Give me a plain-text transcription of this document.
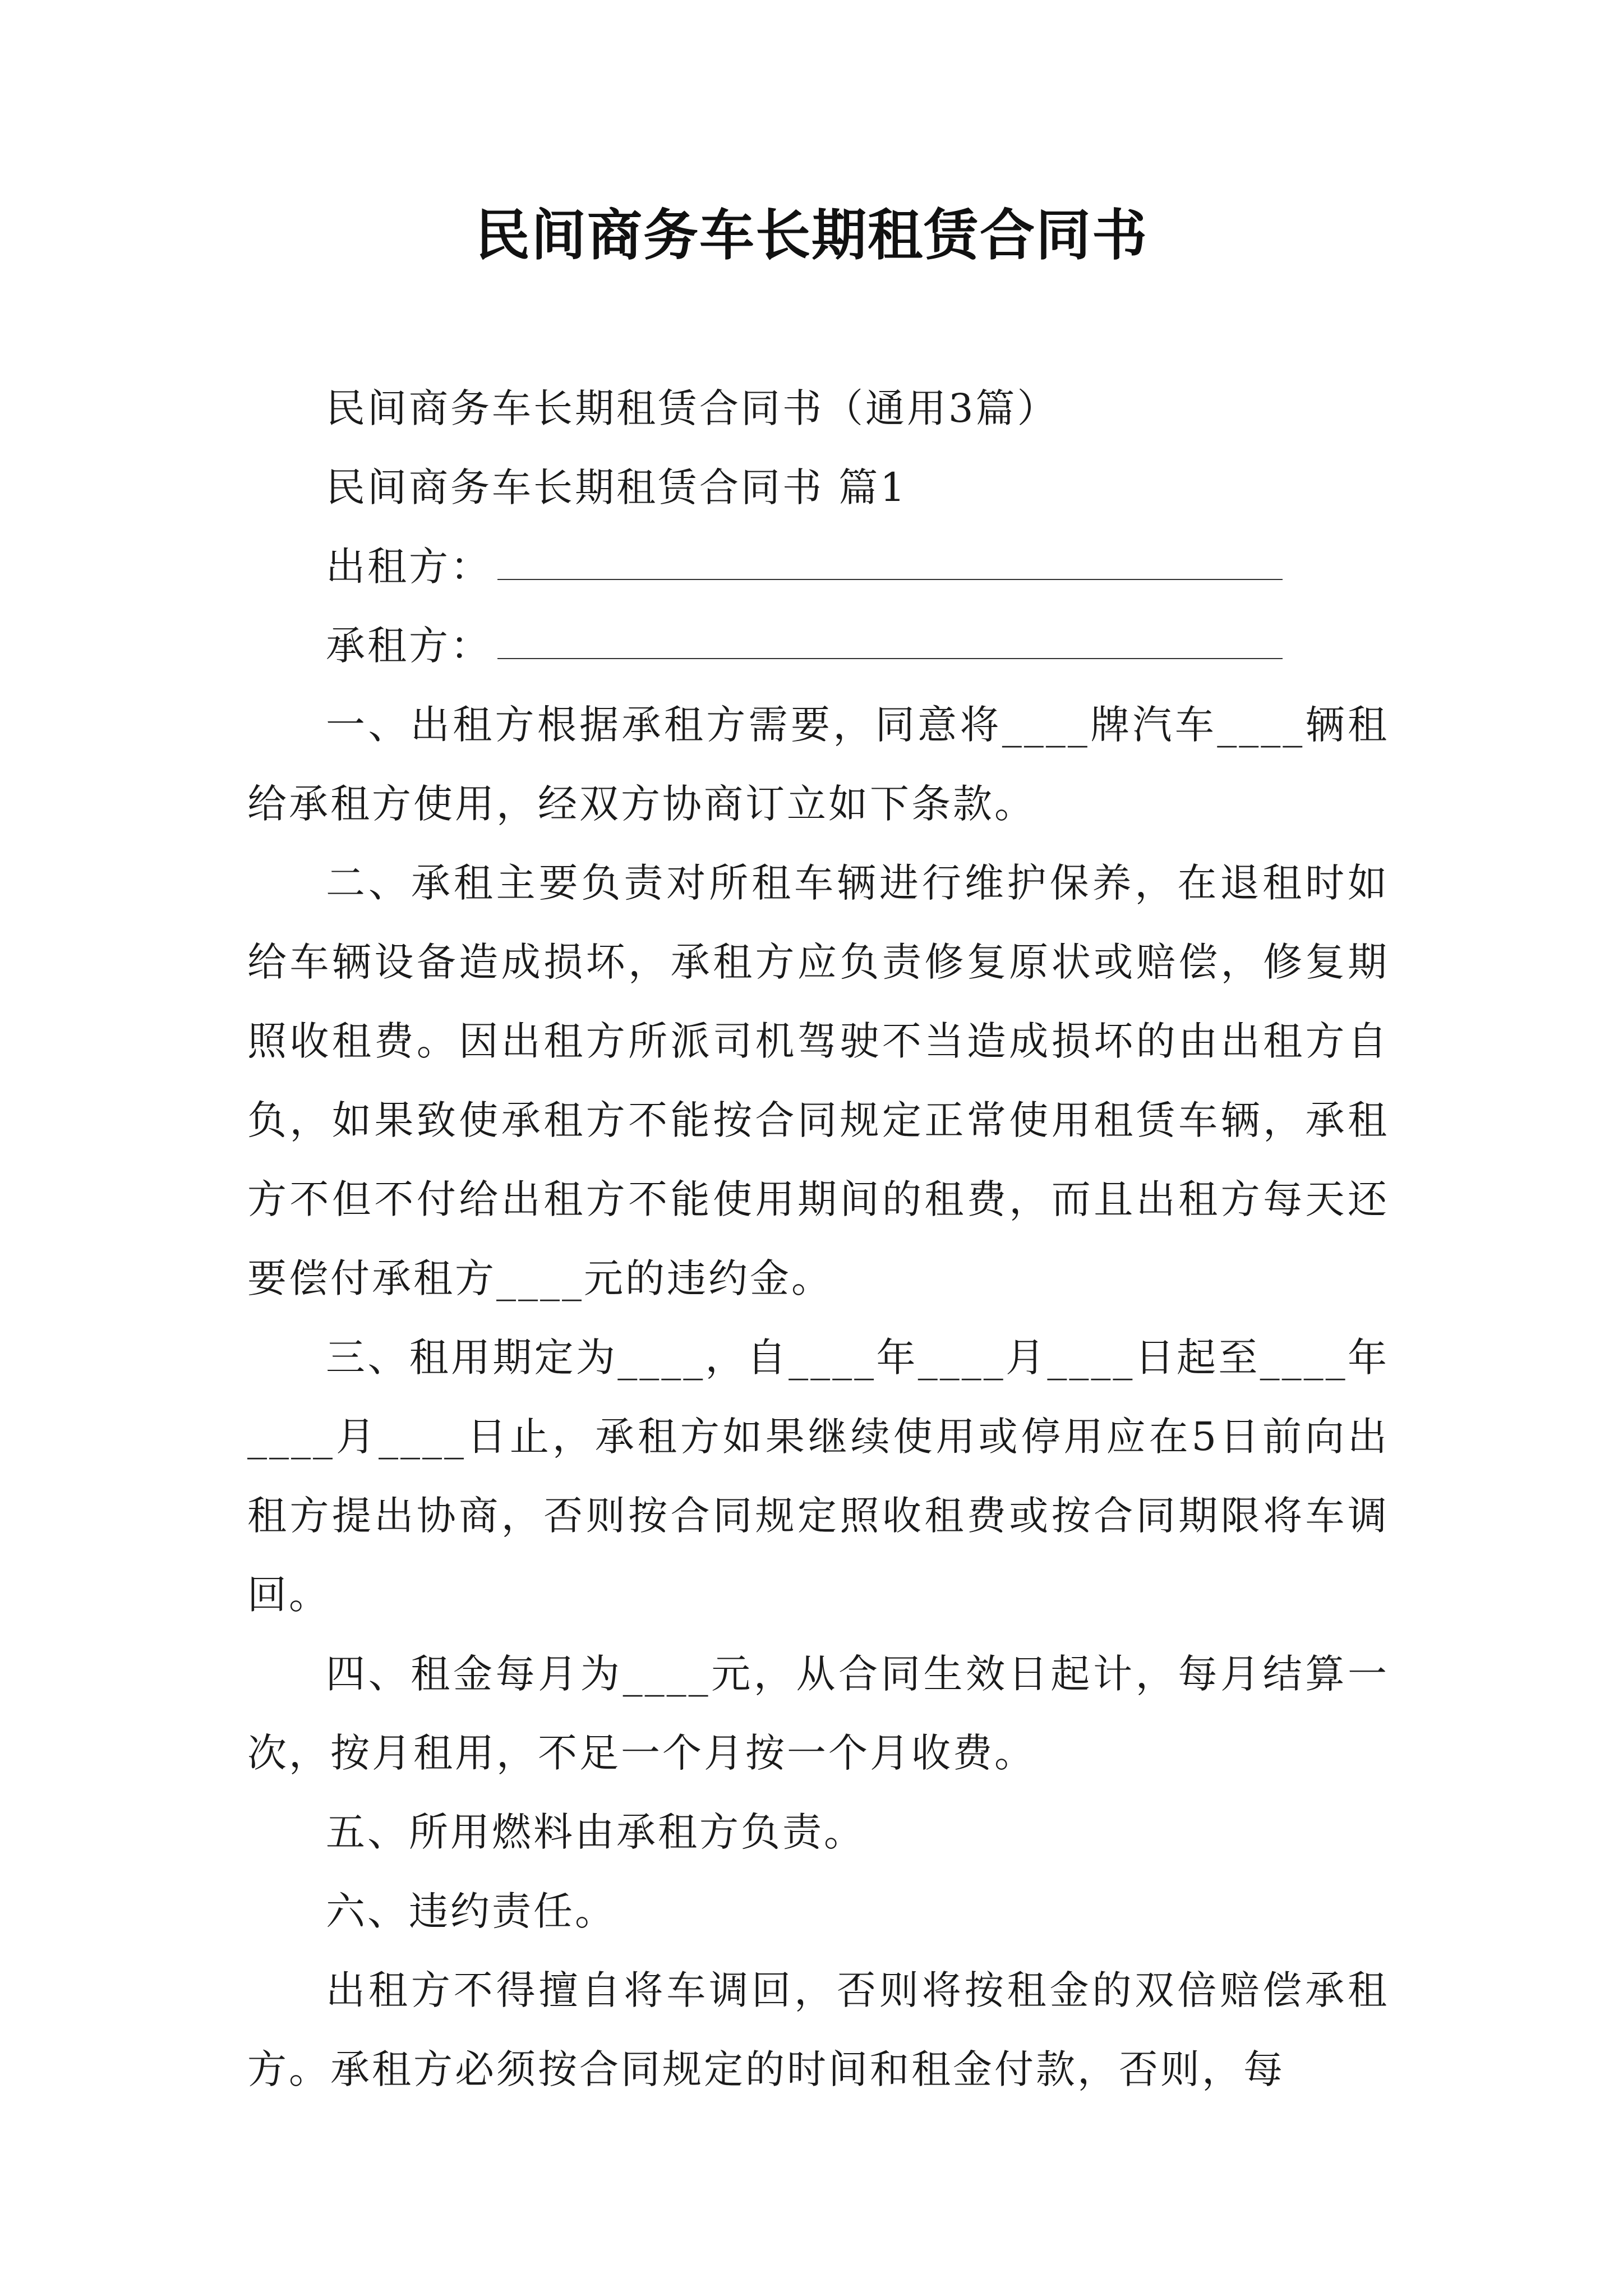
民间商务车长期租赁合同书

民间商务车长期租赁合同书（通用3篇）

民间商务车长期租赁合同书 篇1

出租方：
承租方：

一、出租方根据承租方需要，同意将____牌汽车____辆租给承租方使用，经双方协商订立如下条款。

二、承租主要负责对所租车辆进行维护保养，在退租时如给车辆设备造成损坏，承租方应负责修复原状或赔偿，修复期照收租费。因出租方所派司机驾驶不当造成损坏的由出租方自负，如果致使承租方不能按合同规定正常使用租赁车辆，承租方不但不付给出租方不能使用期间的租费，而且出租方每天还要偿付承租方____元的违约金。

三、租用期定为____，自____年____月____日起至____年____月____日止，承租方如果继续使用或停用应在5日前向出租方提出协商，否则按合同规定照收租费或按合同期限将车调回。

四、租金每月为____元，从合同生效日起计，每月结算一次，按月租用，不足一个月按一个月收费。

五、所用燃料由承租方负责。

六、违约责任。

出租方不得擅自将车调回，否则将按租金的双倍赔偿承租方。承租方必须按合同规定的时间和租金付款，否则，每
